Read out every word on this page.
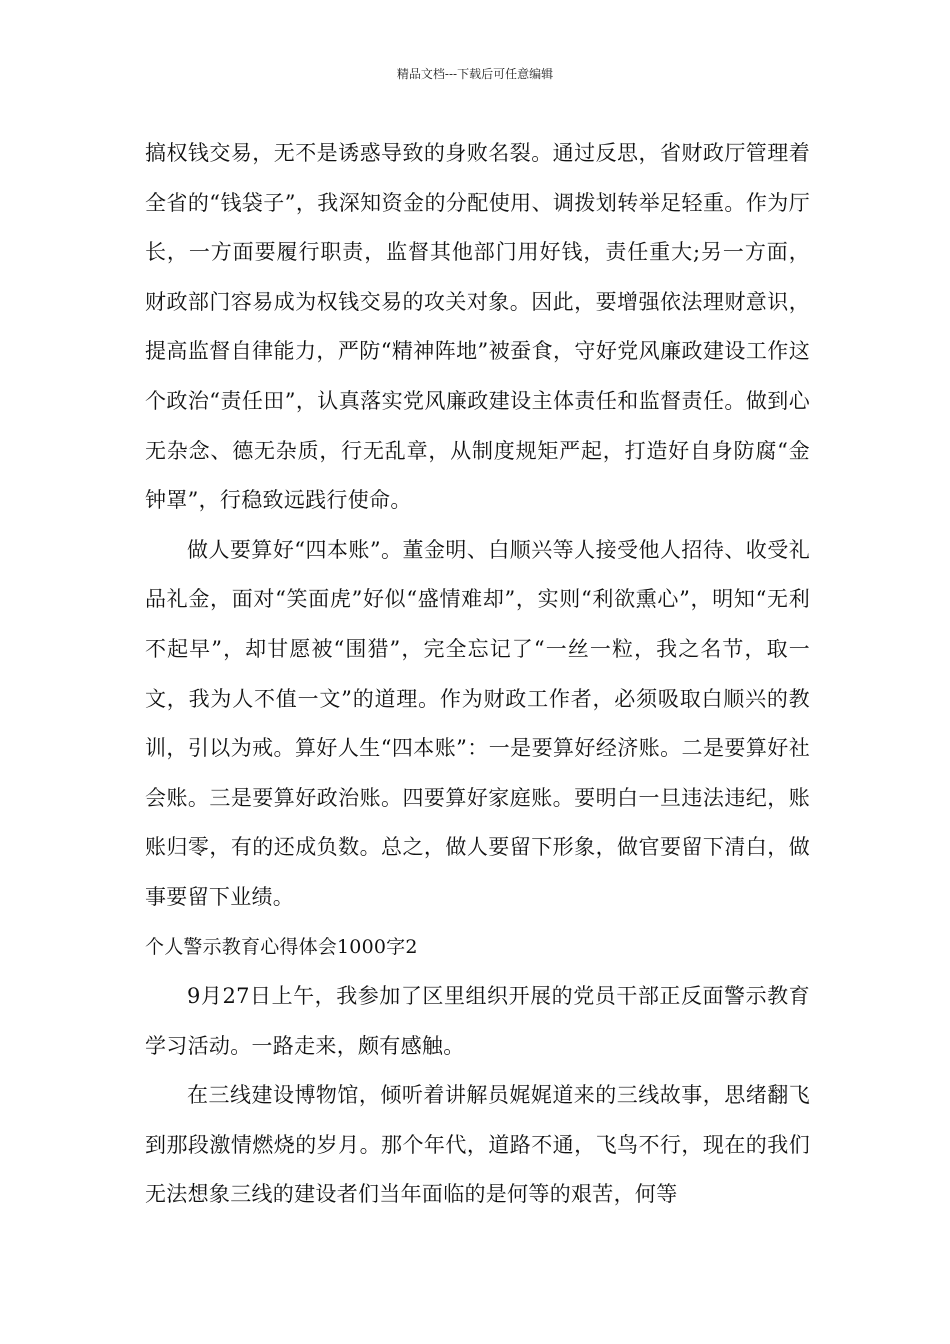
精品文档---下载后可任意编辑

搞权钱交易，无不是诱惑导致的身败名裂。通过反思，省财政厅管理着全省的“钱袋子”，我深知资金的分配使用、调拨划转举足轻重。作为厅长，一方面要履行职责，监督其他部门用好钱，责任重大;另一方面，财政部门容易成为权钱交易的攻关对象。因此，要增强依法理财意识，提高监督自律能力，严防“精神阵地”被蚕食，守好党风廉政建设工作这个政治“责任田”，认真落实党风廉政建设主体责任和监督责任。做到心无杂念、德无杂质，行无乱章，从制度规矩严起，打造好自身防腐“金钟罩”，行稳致远践行使命。

做人要算好“四本账”。董金明、白顺兴等人接受他人招待、收受礼品礼金，面对“笑面虎”好似“盛情难却”，实则“利欲熏心”，明知“无利不起早”，却甘愿被“围猎”，完全忘记了“一丝一粒，我之名节，取一文，我为人不值一文”的道理。作为财政工作者，必须吸取白顺兴的教训，引以为戒。算好人生“四本账”：一是要算好经济账。二是要算好社会账。三是要算好政治账。四要算好家庭账。要明白一旦违法违纪，账账归零，有的还成负数。总之，做人要留下形象，做官要留下清白，做事要留下业绩。

个人警示教育心得体会1000字2

9月27日上午，我参加了区里组织开展的党员干部正反面警示教育学习活动。一路走来，颇有感触。

在三线建设博物馆，倾听着讲解员娓娓道来的三线故事，思绪翻飞到那段激情燃烧的岁月。那个年代，道路不通，飞鸟不行，现在的我们无法想象三线的建设者们当年面临的是何等的艰苦，何等
